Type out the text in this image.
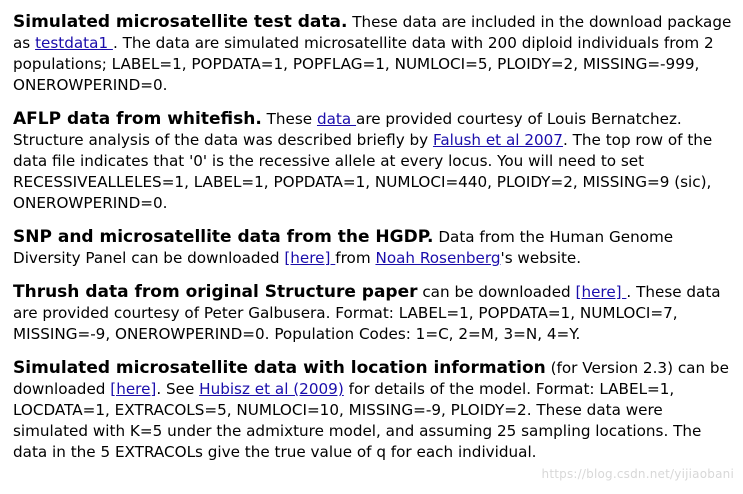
Simulated microsatellite test data. These data are included in the download package as testdata1 . The data are simulated microsatellite data with 200 diploid individuals from 2 populations; LABEL=1, POPDATA=1, POPFLAG=1, NUMLOCI=5, PLOIDY=2, MISSING=-999, ONEROWPERIND=0.

AFLP data from whitefish. These data are provided courtesy of Louis Bernatchez. Structure analysis of the data was described briefly by Falush et al 2007. The top row of the data file indicates that '0' is the recessive allele at every locus. You will need to set RECESSIVEALLELES=1, LABEL=1, POPDATA=1, NUMLOCI=440, PLOIDY=2, MISSING=9 (sic), ONEROWPERIND=0.

SNP and microsatellite data from the HGDP. Data from the Human Genome Diversity Panel can be downloaded [here] from Noah Rosenberg's website.

Thrush data from original Structure paper can be downloaded [here] . These data are provided courtesy of Peter Galbusera. Format: LABEL=1, POPDATA=1, NUMLOCI=7, MISSING=-9, ONEROWPERIND=0. Population Codes: 1=C, 2=M, 3=N, 4=Y.

Simulated microsatellite data with location information (for Version 2.3) can be downloaded [here]. See Hubisz et al (2009) for details of the model. Format: LABEL=1, LOCDATA=1, EXTRACOLS=5, NUMLOCI=10, MISSING=-9, PLOIDY=2. These data were simulated with K=5 under the admixture model, and assuming 25 sampling locations. The data in the 5 EXTRACOLs give the true value of q for each individual.

https://blog.csdn.net/yijiaobani
